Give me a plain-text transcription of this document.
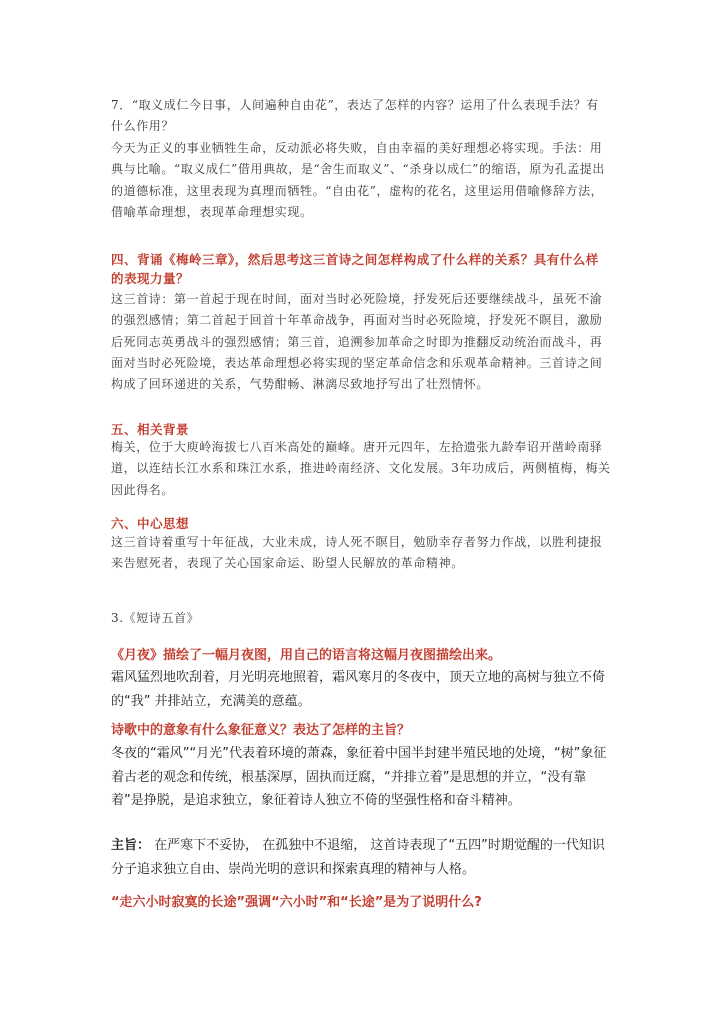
7．“取义成仁今日事，人间遍种自由花”，表达了怎样的内容？运用了什么表现手法？有什么作用？

今天为正义的事业牺牲生命，反动派必将失败，自由幸福的美好理想必将实现。手法：用典与比喻。“取义成仁”借用典故，是“舍生而取义”、“杀身以成仁”的缩语，原为孔孟提出的道德标准，这里表现为真理而牺牲。“自由花”，虚构的花名，这里运用借喻修辞方法，借喻革命理想，表现革命理想实现。

四、背诵《梅岭三章》，然后思考这三首诗之间怎样构成了什么样的关系？具有什么样的表现力量？

这三首诗：第一首起于现在时间，面对当时必死险境，抒发死后还要继续战斗，虽死不渝的强烈感情；第二首起于回首十年革命战争，再面对当时必死险境，抒发死不瞑目，激励后死同志英勇战斗的强烈感情；第三首，追溯参加革命之时即为推翻反动统治而战斗，再面对当时必死险境，表达革命理想必将实现的坚定革命信念和乐观革命精神。三首诗之间构成了回环递进的关系，气势酣畅、淋漓尽致地抒写出了壮烈情怀。

五、相关背景

梅关，位于大庾岭海拔七八百米高处的巅峰。唐开元四年，左拾遗张九龄奉诏开凿岭南驿道，以连结长江水系和珠江水系，推进岭南经济、文化发展。3年功成后，两侧植梅，梅关因此得名。

六、中心思想

这三首诗着重写十年征战，大业未成，诗人死不瞑目，勉励幸存者努力作战，以胜利捷报来告慰死者，表现了关心国家命运、盼望人民解放的革命精神。

3.《短诗五首》

《月夜》描绘了一幅月夜图，用自己的语言将这幅月夜图描绘出来。

霜风猛烈地吹刮着，月光明亮地照着，霜风寒月的冬夜中，顶天立地的高树与独立不倚的“我” 并排站立，充满美的意蕴。

诗歌中的意象有什么象征意义？表达了怎样的主旨？

冬夜的“霜风”“月光”代表着环境的萧森，象征着中国半封建半殖民地的处境，“树”象征着古老的观念和传统，根基深厚，固执而迂腐，“并排立着”是思想的并立，“没有靠着”是挣脱，是追求独立，象征着诗人独立不倚的坚强性格和奋斗精神。

主旨： 在严寒下不妥协， 在孤独中不退缩， 这首诗表现了“五四”时期觉醒的一代知识分子追求独立自由、崇尚光明的意识和探索真理的精神与人格。

“走六小时寂寞的长途”强调“六小时”和“长途”是为了说明什么?
